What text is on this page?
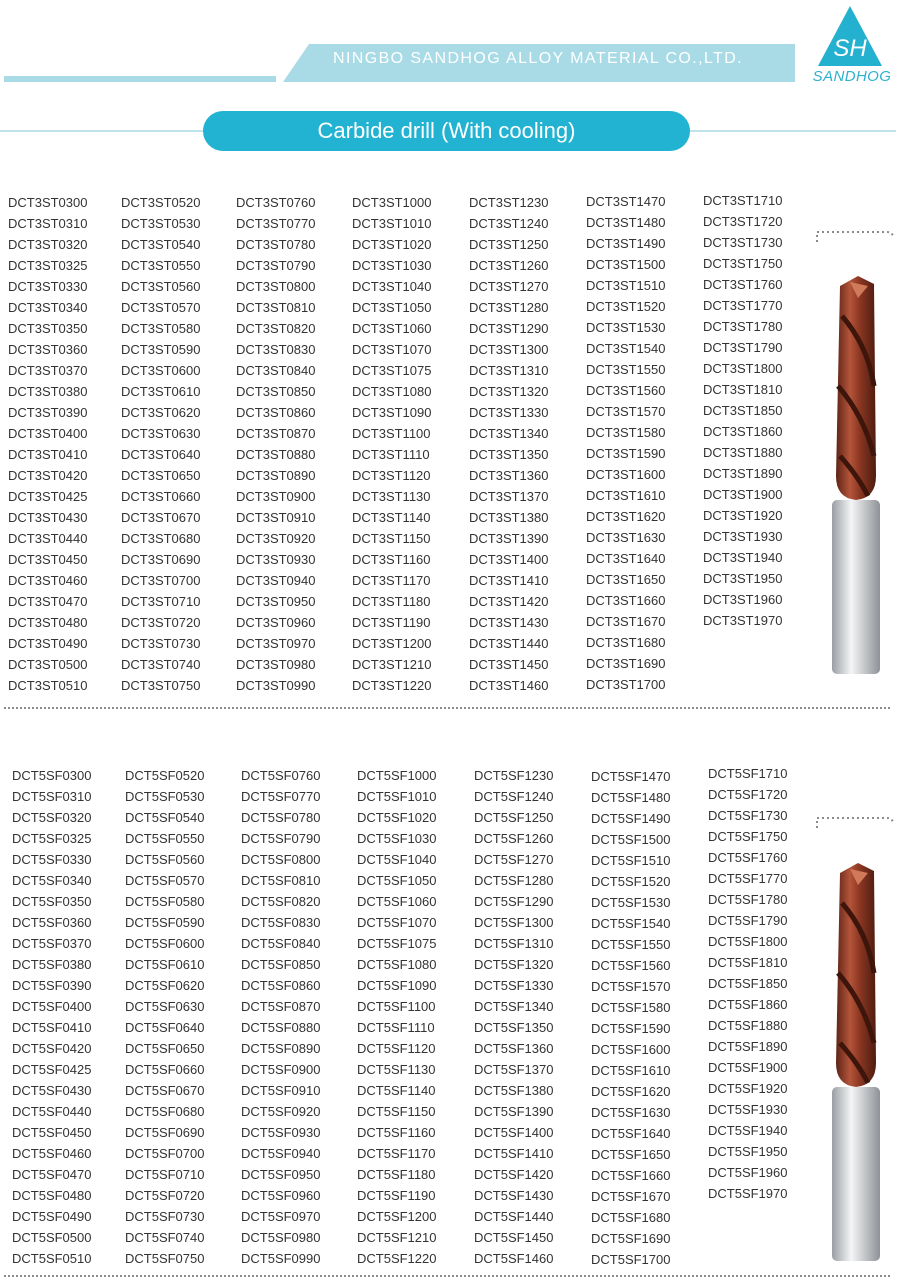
NINGBO SANDHOG ALLOY MATERIAL CO.,LTD.	SH
SANDHOG
Carbide drill (With cooling)
DCT3ST0300
DCT3ST0310
DCT3ST0320
DCT3ST0325
DCT3ST0330
DCT3ST0340
DCT3ST0350
DCT3ST0360
DCT3ST0370
DCT3ST0380
DCT3ST0390
DCT3ST0400
DCT3ST0410
DCT3ST0420
DCT3ST0425
DCT3ST0430
DCT3ST0440
DCT3ST0450
DCT3ST0460
DCT3ST0470
DCT3ST0480
DCT3ST0490
DCT3ST0500
DCT3ST0510
DCT3ST0520
DCT3ST0530
DCT3ST0540
DCT3ST0550
DCT3ST0560
DCT3ST0570
DCT3ST0580
DCT3ST0590
DCT3ST0600
DCT3ST0610
DCT3ST0620
DCT3ST0630
DCT3ST0640
DCT3ST0650
DCT3ST0660
DCT3ST0670
DCT3ST0680
DCT3ST0690
DCT3ST0700
DCT3ST0710
DCT3ST0720
DCT3ST0730
DCT3ST0740
DCT3ST0750
DCT3ST0760
DCT3ST0770
DCT3ST0780
DCT3ST0790
DCT3ST0800
DCT3ST0810
DCT3ST0820
DCT3ST0830
DCT3ST0840
DCT3ST0850
DCT3ST0860
DCT3ST0870
DCT3ST0880
DCT3ST0890
DCT3ST0900
DCT3ST0910
DCT3ST0920
DCT3ST0930
DCT3ST0940
DCT3ST0950
DCT3ST0960
DCT3ST0970
DCT3ST0980
DCT3ST0990
DCT3ST1000
DCT3ST1010
DCT3ST1020
DCT3ST1030
DCT3ST1040
DCT3ST1050
DCT3ST1060
DCT3ST1070
DCT3ST1075
DCT3ST1080
DCT3ST1090
DCT3ST1100
DCT3ST1110
DCT3ST1120
DCT3ST1130
DCT3ST1140
DCT3ST1150
DCT3ST1160
DCT3ST1170
DCT3ST1180
DCT3ST1190
DCT3ST1200
DCT3ST1210
DCT3ST1220
DCT3ST1230
DCT3ST1240
DCT3ST1250
DCT3ST1260
DCT3ST1270
DCT3ST1280
DCT3ST1290
DCT3ST1300
DCT3ST1310
DCT3ST1320
DCT3ST1330
DCT3ST1340
DCT3ST1350
DCT3ST1360
DCT3ST1370
DCT3ST1380
DCT3ST1390
DCT3ST1400
DCT3ST1410
DCT3ST1420
DCT3ST1430
DCT3ST1440
DCT3ST1450
DCT3ST1460
DCT3ST1470
DCT3ST1480
DCT3ST1490
DCT3ST1500
DCT3ST1510
DCT3ST1520
DCT3ST1530
DCT3ST1540
DCT3ST1550
DCT3ST1560
DCT3ST1570
DCT3ST1580
DCT3ST1590
DCT3ST1600
DCT3ST1610
DCT3ST1620
DCT3ST1630
DCT3ST1640
DCT3ST1650
DCT3ST1660
DCT3ST1670
DCT3ST1680
DCT3ST1690
DCT3ST1700
DCT3ST1710
DCT3ST1720
DCT3ST1730
DCT3ST1750
DCT3ST1760
DCT3ST1770
DCT3ST1780
DCT3ST1790
DCT3ST1800
DCT3ST1810
DCT3ST1850
DCT3ST1860
DCT3ST1880
DCT3ST1890
DCT3ST1900
DCT3ST1920
DCT3ST1930
DCT3ST1940
DCT3ST1950
DCT3ST1960
DCT3ST1970
DCT5SF0300
DCT5SF0310
DCT5SF0320
DCT5SF0325
DCT5SF0330
DCT5SF0340
DCT5SF0350
DCT5SF0360
DCT5SF0370
DCT5SF0380
DCT5SF0390
DCT5SF0400
DCT5SF0410
DCT5SF0420
DCT5SF0425
DCT5SF0430
DCT5SF0440
DCT5SF0450
DCT5SF0460
DCT5SF0470
DCT5SF0480
DCT5SF0490
DCT5SF0500
DCT5SF0510
DCT5SF0520
DCT5SF0530
DCT5SF0540
DCT5SF0550
DCT5SF0560
DCT5SF0570
DCT5SF0580
DCT5SF0590
DCT5SF0600
DCT5SF0610
DCT5SF0620
DCT5SF0630
DCT5SF0640
DCT5SF0650
DCT5SF0660
DCT5SF0670
DCT5SF0680
DCT5SF0690
DCT5SF0700
DCT5SF0710
DCT5SF0720
DCT5SF0730
DCT5SF0740
DCT5SF0750
DCT5SF0760
DCT5SF0770
DCT5SF0780
DCT5SF0790
DCT5SF0800
DCT5SF0810
DCT5SF0820
DCT5SF0830
DCT5SF0840
DCT5SF0850
DCT5SF0860
DCT5SF0870
DCT5SF0880
DCT5SF0890
DCT5SF0900
DCT5SF0910
DCT5SF0920
DCT5SF0930
DCT5SF0940
DCT5SF0950
DCT5SF0960
DCT5SF0970
DCT5SF0980
DCT5SF0990
DCT5SF1000
DCT5SF1010
DCT5SF1020
DCT5SF1030
DCT5SF1040
DCT5SF1050
DCT5SF1060
DCT5SF1070
DCT5SF1075
DCT5SF1080
DCT5SF1090
DCT5SF1100
DCT5SF1110
DCT5SF1120
DCT5SF1130
DCT5SF1140
DCT5SF1150
DCT5SF1160
DCT5SF1170
DCT5SF1180
DCT5SF1190
DCT5SF1200
DCT5SF1210
DCT5SF1220
DCT5SF1230
DCT5SF1240
DCT5SF1250
DCT5SF1260
DCT5SF1270
DCT5SF1280
DCT5SF1290
DCT5SF1300
DCT5SF1310
DCT5SF1320
DCT5SF1330
DCT5SF1340
DCT5SF1350
DCT5SF1360
DCT5SF1370
DCT5SF1380
DCT5SF1390
DCT5SF1400
DCT5SF1410
DCT5SF1420
DCT5SF1430
DCT5SF1440
DCT5SF1450
DCT5SF1460
DCT5SF1470
DCT5SF1480
DCT5SF1490
DCT5SF1500
DCT5SF1510
DCT5SF1520
DCT5SF1530
DCT5SF1540
DCT5SF1550
DCT5SF1560
DCT5SF1570
DCT5SF1580
DCT5SF1590
DCT5SF1600
DCT5SF1610
DCT5SF1620
DCT5SF1630
DCT5SF1640
DCT5SF1650
DCT5SF1660
DCT5SF1670
DCT5SF1680
DCT5SF1690
DCT5SF1700
DCT5SF1710
DCT5SF1720
DCT5SF1730
DCT5SF1750
DCT5SF1760
DCT5SF1770
DCT5SF1780
DCT5SF1790
DCT5SF1800
DCT5SF1810
DCT5SF1850
DCT5SF1860
DCT5SF1880
DCT5SF1890
DCT5SF1900
DCT5SF1920
DCT5SF1930
DCT5SF1940
DCT5SF1950
DCT5SF1960
DCT5SF1970
